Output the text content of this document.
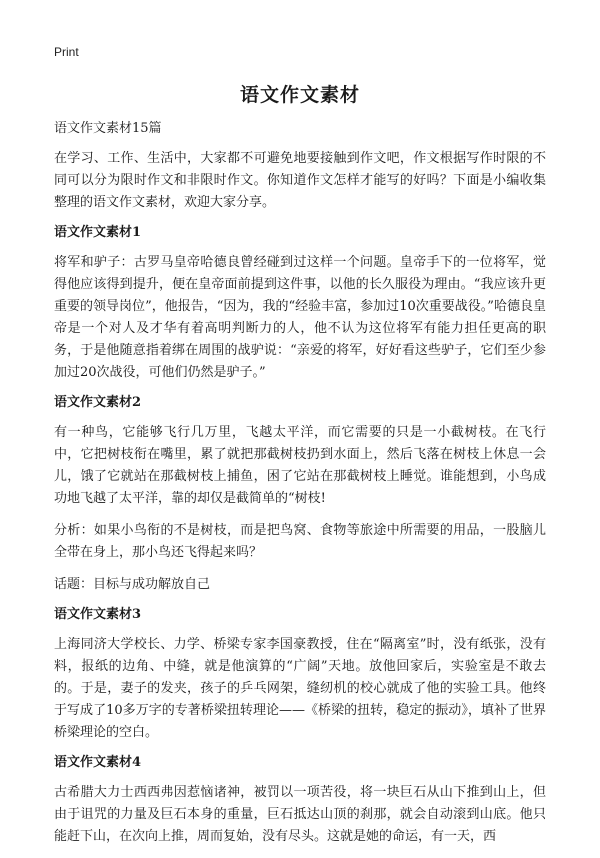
Print
语文作文素材
语文作文素材15篇

在学习、工作、生活中，大家都不可避免地要接触到作文吧，作文根据写作时限的不同可以分为限时作文和非限时作文。你知道作文怎样才能写的好吗？下面是小编收集整理的语文作文素材，欢迎大家分享。

语文作文素材1

将军和驴子：古罗马皇帝哈德良曾经碰到过这样一个问题。皇帝手下的一位将军，觉得他应该得到提升，便在皇帝面前提到这件事，以他的长久服役为理由。“我应该升更重要的领导岗位”，他报告，“因为，我的“经验丰富，参加过10次重要战役。”哈德良皇帝是一个对人及才华有着高明判断力的人，他不认为这位将军有能力担任更高的职务，于是他随意指着绑在周围的战驴说：“亲爱的将军，好好看这些驴子，它们至少参加过20次战役，可他们仍然是驴子。”

语文作文素材2

有一种鸟，它能够飞行几万里，飞越太平洋，而它需要的只是一小截树枝。在飞行中，它把树枝衔在嘴里，累了就把那截树枝扔到水面上，然后飞落在树枝上休息一会儿，饿了它就站在那截树枝上捕鱼，困了它站在那截树枝上睡觉。谁能想到，小鸟成功地飞越了太平洋，靠的却仅是截简单的“树枝!

分析：如果小鸟衔的不是树枝，而是把鸟窝、食物等旅途中所需要的用品，一股脑儿全带在身上，那小鸟还飞得起来吗？

话题：目标与成功解放自己

语文作文素材3

上海同济大学校长、力学、桥梁专家李国豪教授，住在“隔离室”时，没有纸张，没有料，报纸的边角、中缝，就是他演算的“广阔”天地。放他回家后，实验室是不敢去的。于是，妻子的发夹，孩子的乒乓网架，缝纫机的校心就成了他的实验工具。他终于写成了10多万字的专著桥梁扭转理论——《桥梁的扭转，稳定的振动》，填补了世界桥梁理论的空白。

语文作文素材4

古希腊大力士西西弗因惹恼诸神，被罚以一项苦役，将一块巨石从山下推到山上，但由于诅咒的力量及巨石本身的重量，巨石抵达山顶的刹那，就会自动滚到山底。他只能赶下山，在次向上推，周而复始，没有尽头。这就是她的命运，有一天，西
